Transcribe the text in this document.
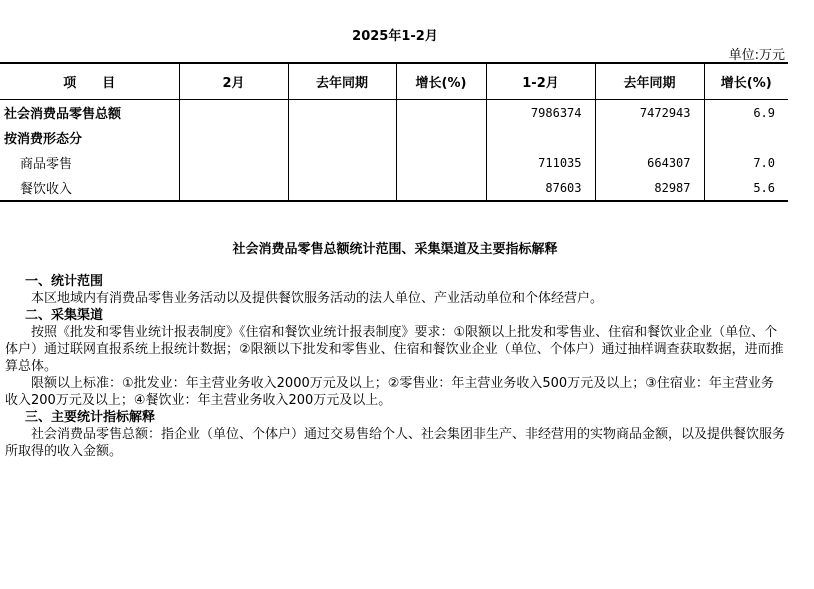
2025年1-2月
单位:万元
项　　目	2月	去年同期	增长(%)	1-2月	去年同期	增长(%)
社会消费品零售总额				7986374	7472943	6.9
按消费形态分						
商品零售				711035	664307	7.0
餐饮收入				87603	82987	5.6
社会消费品零售总额统计范围、采集渠道及主要指标解释

一、统计范围

本区地域内有消费品零售业务活动以及提供餐饮服务活动的法人单位、产业活动单位和个体经营户。

二、采集渠道

按照《批发和零售业统计报表制度》《住宿和餐饮业统计报表制度》要求：①限额以上批发和零售业、住宿和餐饮业企业（单位、个体户）通过联网直报系统上报统计数据；②限额以下批发和零售业、住宿和餐饮业企业（单位、个体户）通过抽样调查获取数据，进而推算总体。

限额以上标准：①批发业：年主营业务收入2000万元及以上；②零售业：年主营业务收入500万元及以上；③住宿业：年主营业务收入200万元及以上；④餐饮业：年主营业务收入200万元及以上。

三、主要统计指标解释

社会消费品零售总额：指企业（单位、个体户）通过交易售给个人、社会集团非生产、非经营用的实物商品金额，以及提供餐饮服务所取得的收入金额。
